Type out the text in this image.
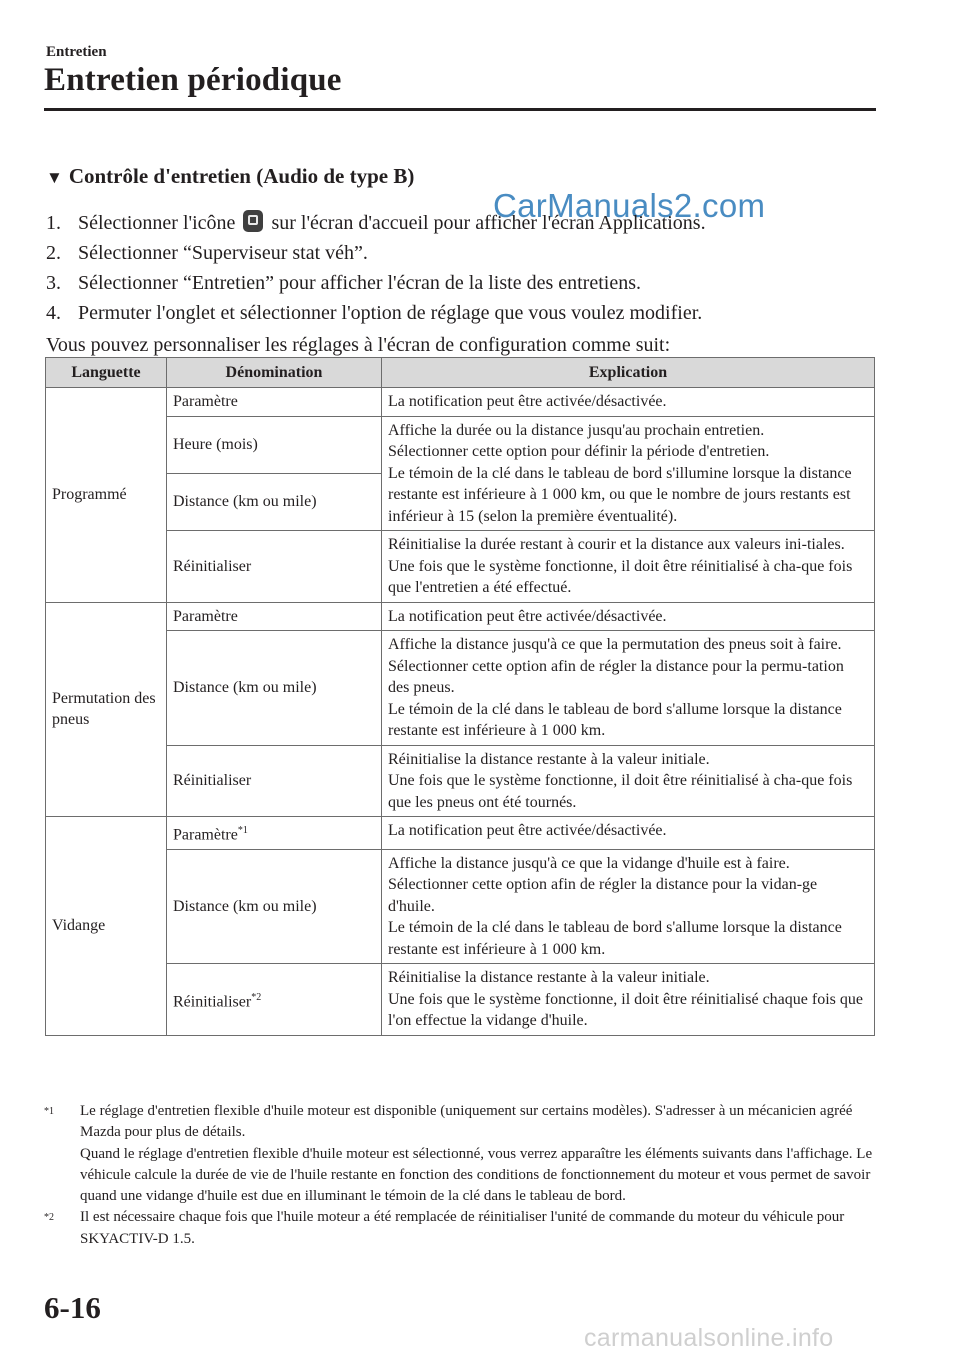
Entretien
Entretien périodique
▼ Contrôle d'entretien (Audio de type B)
CarManuals2.com
1. Sélectionner l'icône sur l'écran d'accueil pour afficher l'écran Applications.
2. Sélectionner “Superviseur stat véh”.
3. Sélectionner “Entretien” pour afficher l'écran de la liste des entretiens.
4. Permuter l'onglet et sélectionner l'option de réglage que vous voulez modifier.
Vous pouvez personnaliser les réglages à l'écran de configuration comme suit:
Languette	Dénomination	Explication
Programmé	Paramètre	La notification peut être activée/désactivée.
	Heure (mois)	Affiche la durée ou la distance jusqu'au prochain entretien.
Sélectionner cette option pour définir la période d'entretien.
Le témoin de la clé dans le tableau de bord s'illumine lorsque la distance restante est inférieure à 1 000 km, ou que le nombre de jours restants est inférieur à 15 (selon la première éventualité).
	Distance (km ou mile)	
	Réinitialiser	Réinitialise la durée restant à courir et la distance aux valeurs ini-tiales.
Une fois que le système fonctionne, il doit être réinitialisé à cha-que fois que l'entretien a été effectué.
Permutation des pneus	Paramètre	La notification peut être activée/désactivée.
	Distance (km ou mile)	Affiche la distance jusqu'à ce que la permutation des pneus soit à faire.
Sélectionner cette option afin de régler la distance pour la permu-tation des pneus.
Le témoin de la clé dans le tableau de bord s'allume lorsque la distance restante est inférieure à 1 000 km.
	Réinitialiser	Réinitialise la distance restante à la valeur initiale.
Une fois que le système fonctionne, il doit être réinitialisé à cha-que fois que les pneus ont été tournés.
Vidange	Paramètre$^{*1}$	La notification peut être activée/désactivée.
	Distance (km ou mile)	Affiche la distance jusqu'à ce que la vidange d'huile est à faire.
Sélectionner cette option afin de régler la distance pour la vidan-ge d'huile.
Le témoin de la clé dans le tableau de bord s'allume lorsque la distance restante est inférieure à 1 000 km.
	Réinitialiser$^{*2}$	Réinitialise la distance restante à la valeur initiale.
Une fois que le système fonctionne, il doit être réinitialisé chaque fois que l'on effectue la vidange d'huile.
$^{*1}$	Le réglage d'entretien flexible d'huile moteur est disponible (uniquement sur certains modèles). S'adresser à un mécanicien agréé Mazda pour plus de détails.
Quand le réglage d'entretien flexible d'huile moteur est sélectionné, vous verrez apparaître les éléments suivants dans l'affichage. Le véhicule calcule la durée de vie de l'huile restante en fonction des conditions de fonctionnement du moteur et vous permet de savoir quand une vidange d'huile est due en illuminant le témoin de la clé dans le tableau de bord.
$^{*2}$	Il est nécessaire chaque fois que l'huile moteur a été remplacée de réinitialiser l'unité de commande du moteur du véhicule pour SKYACTIV-D 1.5.
6-16
carmanualsonline.info
